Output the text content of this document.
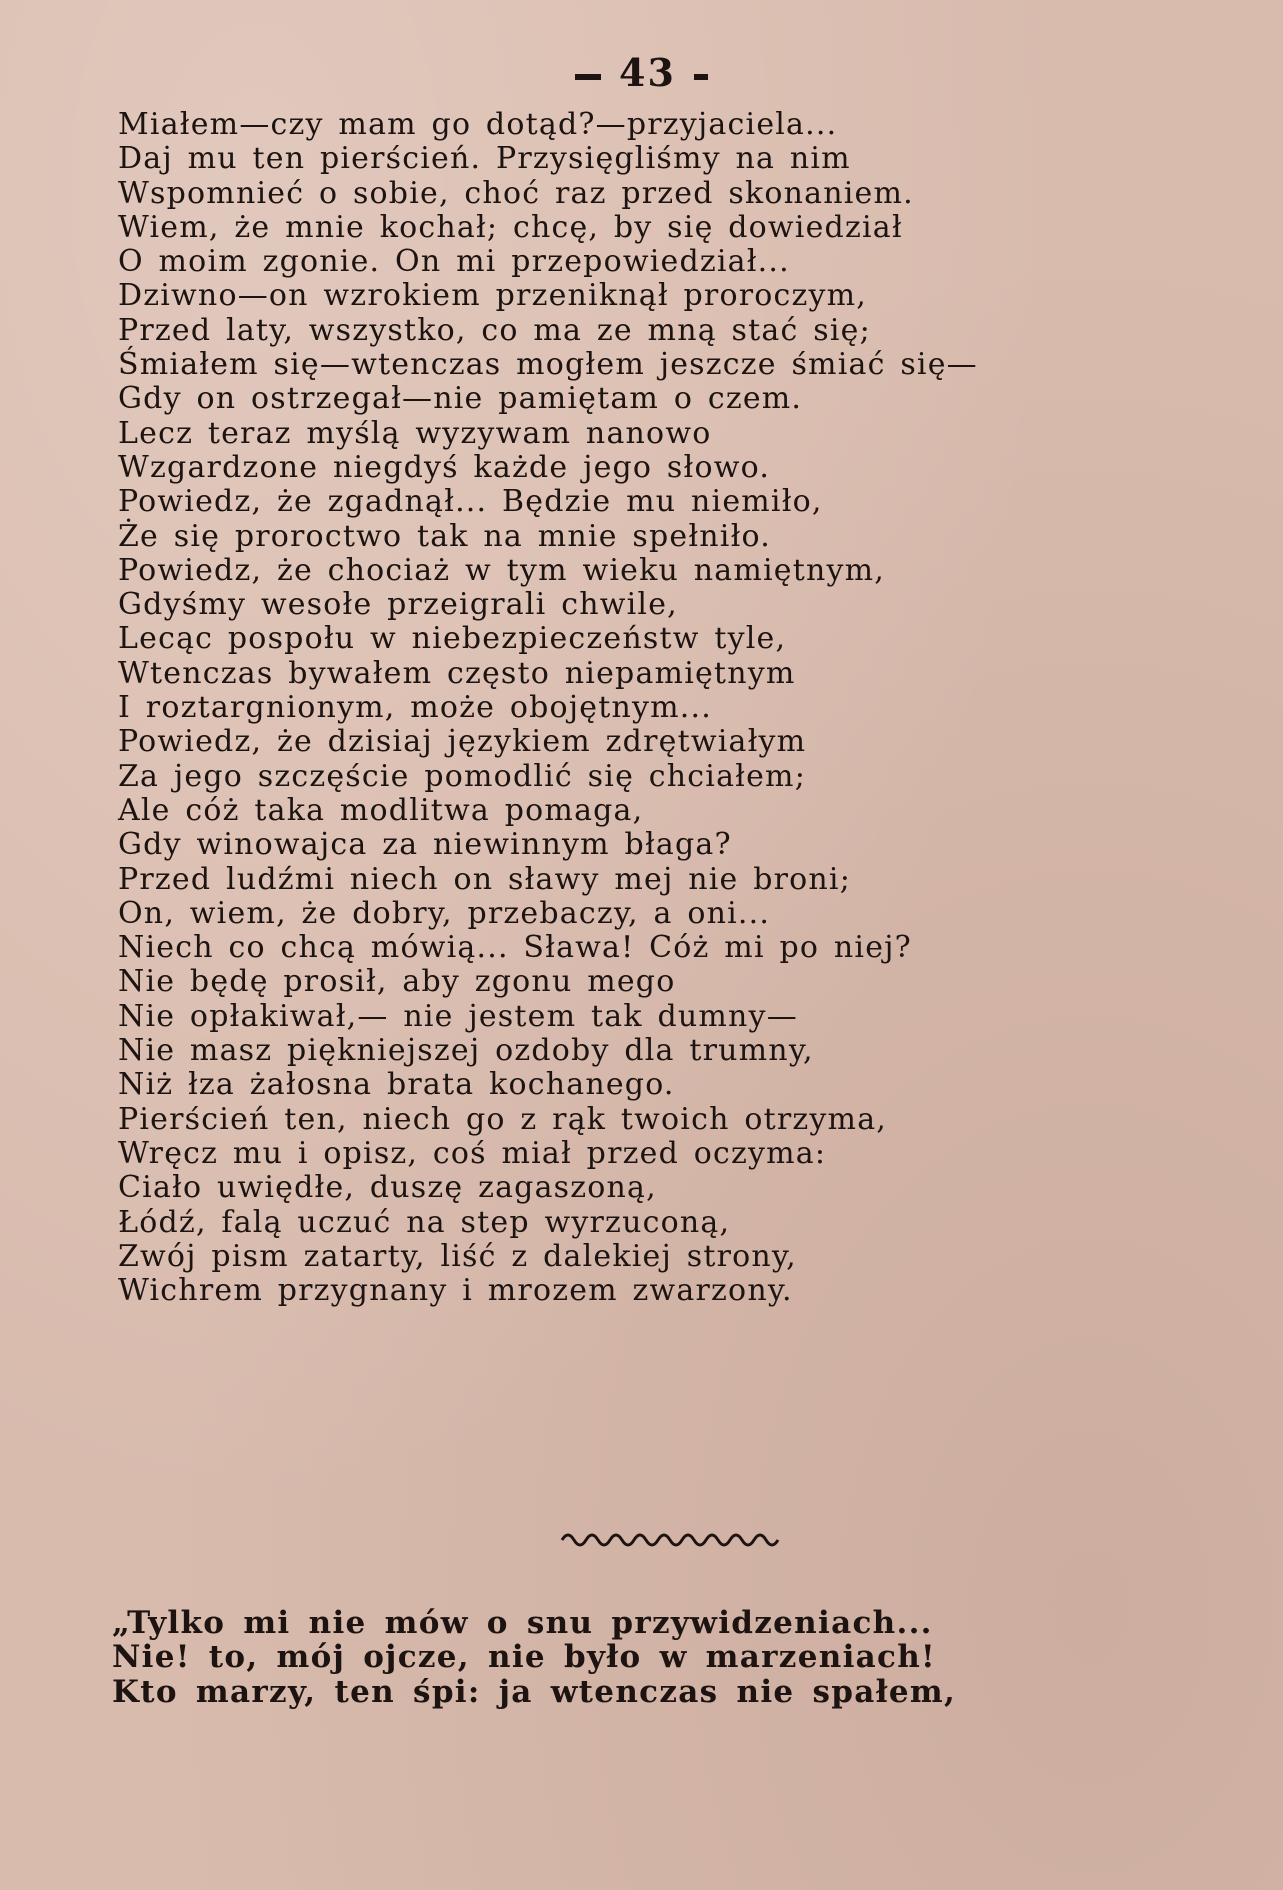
43
Miałem—czy mam go dotąd?—przyjaciela...
Daj mu ten pierścień. Przysięgliśmy na nim
Wspomnieć o sobie, choć raz przed skonaniem.
Wiem, że mnie kochał; chcę, by się dowiedział
O moim zgonie. On mi przepowiedział...
Dziwno—on wzrokiem przeniknął proroczym,
Przed laty, wszystko, co ma ze mną stać się;
Śmiałem się—wtenczas mogłem jeszcze śmiać się—
Gdy on ostrzegał—nie pamiętam o czem.
Lecz teraz myślą wyzywam nanowo
Wzgardzone niegdyś każde jego słowo.
Powiedz, że zgadnął... Będzie mu niemiło,
Że się proroctwo tak na mnie spełniło.
Powiedz, że chociaż w tym wieku namiętnym,
Gdyśmy wesołe przeigrali chwile,
Lecąc pospołu w niebezpieczeństw tyle,
Wtenczas bywałem często niepamiętnym
I roztargnionym, może obojętnym...
Powiedz, że dzisiaj językiem zdrętwiałym
Za jego szczęście pomodlić się chciałem;
Ale cóż taka modlitwa pomaga,
Gdy winowajca za niewinnym błaga?
Przed ludźmi niech on sławy mej nie broni;
On, wiem, że dobry, przebaczy, a oni...
Niech co chcą mówią... Sława! Cóż mi po niej?
Nie będę prosił, aby zgonu mego
Nie opłakiwał,— nie jestem tak dumny—
Nie masz piękniejszej ozdoby dla trumny,
Niż łza żałosna brata kochanego.
Pierścień ten, niech go z rąk twoich otrzyma,
Wręcz mu i opisz, coś miał przed oczyma:
Ciało uwiędłe, duszę zagaszoną,
Łódź, falą uczuć na step wyrzuconą,
Zwój pism zatarty, liść z dalekiej strony,
Wichrem przygnany i mrozem zwarzony.
„Tylko mi nie mów o snu przywidzeniach...
Nie! to, mój ojcze, nie było w marzeniach!
Kto marzy, ten śpi: ja wtenczas nie spałem,
